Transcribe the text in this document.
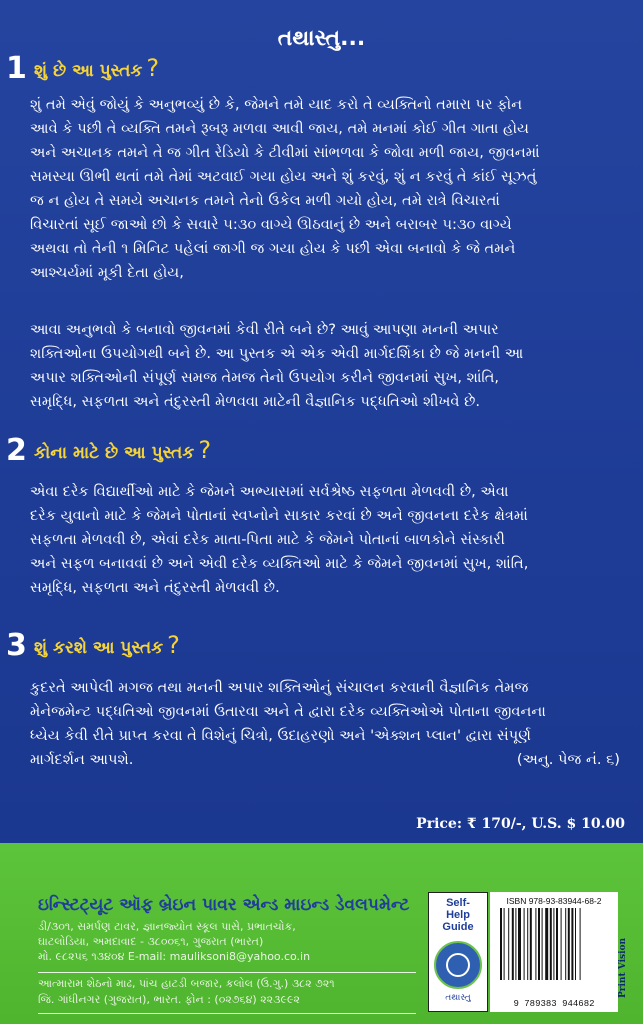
તથાસ્તુ...
1 શું છે આ પુસ્તક ?
શું તમે એવું જોયું કે અનુભવ્યું છે કે, જેમને તમે યાદ કરો તે વ્યક્તિનો તમારા પર ફોન
આવે કે પછી તે વ્યક્તિ તમને રૂબરૂ મળવા આવી જાય, તમે મનમાં કોઈ ગીત ગાતા હોય
અને અચાનક તમને તે જ ગીત રેડિયો કે ટીવીમાં સાંભળવા કે જોવા મળી જાય, જીવનમાં
સમસ્યા ઊભી થતાં તમે તેમાં અટવાઈ ગયા હોય અને શું કરવું, શું ન કરવું તે કાંઈ સૂઝતું
જ ન હોય તે સમયે અચાનક તમને તેનો ઉકેલ મળી ગયો હોય, તમે રાત્રે વિચારતાં
વિચારતાં સૂઈ જાઓ છો કે સવારે ૫:૩૦ વાગ્યે ઊઠવાનું છે અને બરાબર ૫:૩૦ વાગ્યે
અથવા તો તેની ૧ મિનિટ પહેલાં જાગી જ ગયા હોય કે પછી એવા બનાવો કે જે તમને
આશ્ચર્યમાં મૂકી દેતા હોય,
આવા અનુભવો કે બનાવો જીવનમાં કેવી રીતે બને છે? આવું આપણા મનની અપાર
શક્તિઓના ઉપયોગથી બને છે. આ પુસ્તક એ એક એવી માર્ગદર્શિકા છે જે મનની આ
અપાર શક્તિઓની સંપૂર્ણ સમજ તેમજ તેનો ઉપયોગ કરીને જીવનમાં સુખ, શાંતિ,
સમૃદ્ધિ, સફળતા અને તંદુરસ્તી મેળવવા માટેની વૈજ્ઞાનિક પદ્ધતિઓ શીખવે છે.
2 કોના માટે છે આ પુસ્તક ?
એવા દરેક વિદ્યાર્થીઓ માટે કે જેમને અભ્યાસમાં સર્વશ્રેષ્ઠ સફળતા મેળવવી છે, એવા
દરેક યુવાનો માટે કે જેમને પોતાનાં સ્વપ્નોને સાકાર કરવાં છે અને જીવનના દરેક ક્ષેત્રમાં
સફળતા મેળવવી છે, એવાં દરેક માતા-પિતા માટે કે જેમને પોતાનાં બાળકોને સંસ્કારી
અને સફળ બનાવવાં છે અને એવી દરેક વ્યક્તિઓ માટે કે જેમને જીવનમાં સુખ, શાંતિ,
સમૃદ્ધિ, સફળતા અને તંદુરસ્તી મેળવવી છે.
3 શું કરશે આ પુસ્તક ?
કુદરતે આપેલી મગજ તથા મનની અપાર શક્તિઓનું સંચાલન કરવાની વૈજ્ઞાનિક તેમજ
મેનેજમેન્ટ પદ્ધતિઓ જીવનમાં ઉતારવા અને તે દ્વારા દરેક વ્યક્તિઓએ પોતાના જીવનના
ધ્યેય કેવી રીતે પ્રાપ્ત કરવા તે વિશેનું ચિત્રો, ઉદાહરણો અને 'એક્શન પ્લાન' દ્વારા સંપૂર્ણ
માર્ગદર્શન આપશે.	(અનુ. પેજ નં. ૬)
Price: ₹ 170/-, U.S. $ 10.00
ઇન્સ્ટિટ્યૂટ ઑફ બ્રેઇન પાવર એન્ડ માઇન્ડ ડેવલપમેન્ટ
ડી/૩૦૧, સમર્પણ ટાવર, જ્ઞાનજ્યોત સ્કૂલ પાસે, પ્રભાતચોક,
ઘાટલોડિયા, અમદાવાદ - ૩૮૦૦૬૧, ગુજરાત (ભારત)
મો. ૯૮૨૫૬ ૧૩૪૦૪ E-mail: mauliksoni8@yahoo.co.in
આત્મારામ શેઠનો માઢ, પાંચ હાટડી બજાર, કલોલ (ઉ.ગુ.) ૩૮૨ ૭૨૧
જિ. ગાંધીનગર (ગુજરાત), ભારત. ફોન : (૦૨૭૬૪) ૨૨૩૯૯૨
Self-
Help
Guide
તથાસ્તુ
ISBN 978-93-83944-68-2
9 789383 944682
Print Vision
